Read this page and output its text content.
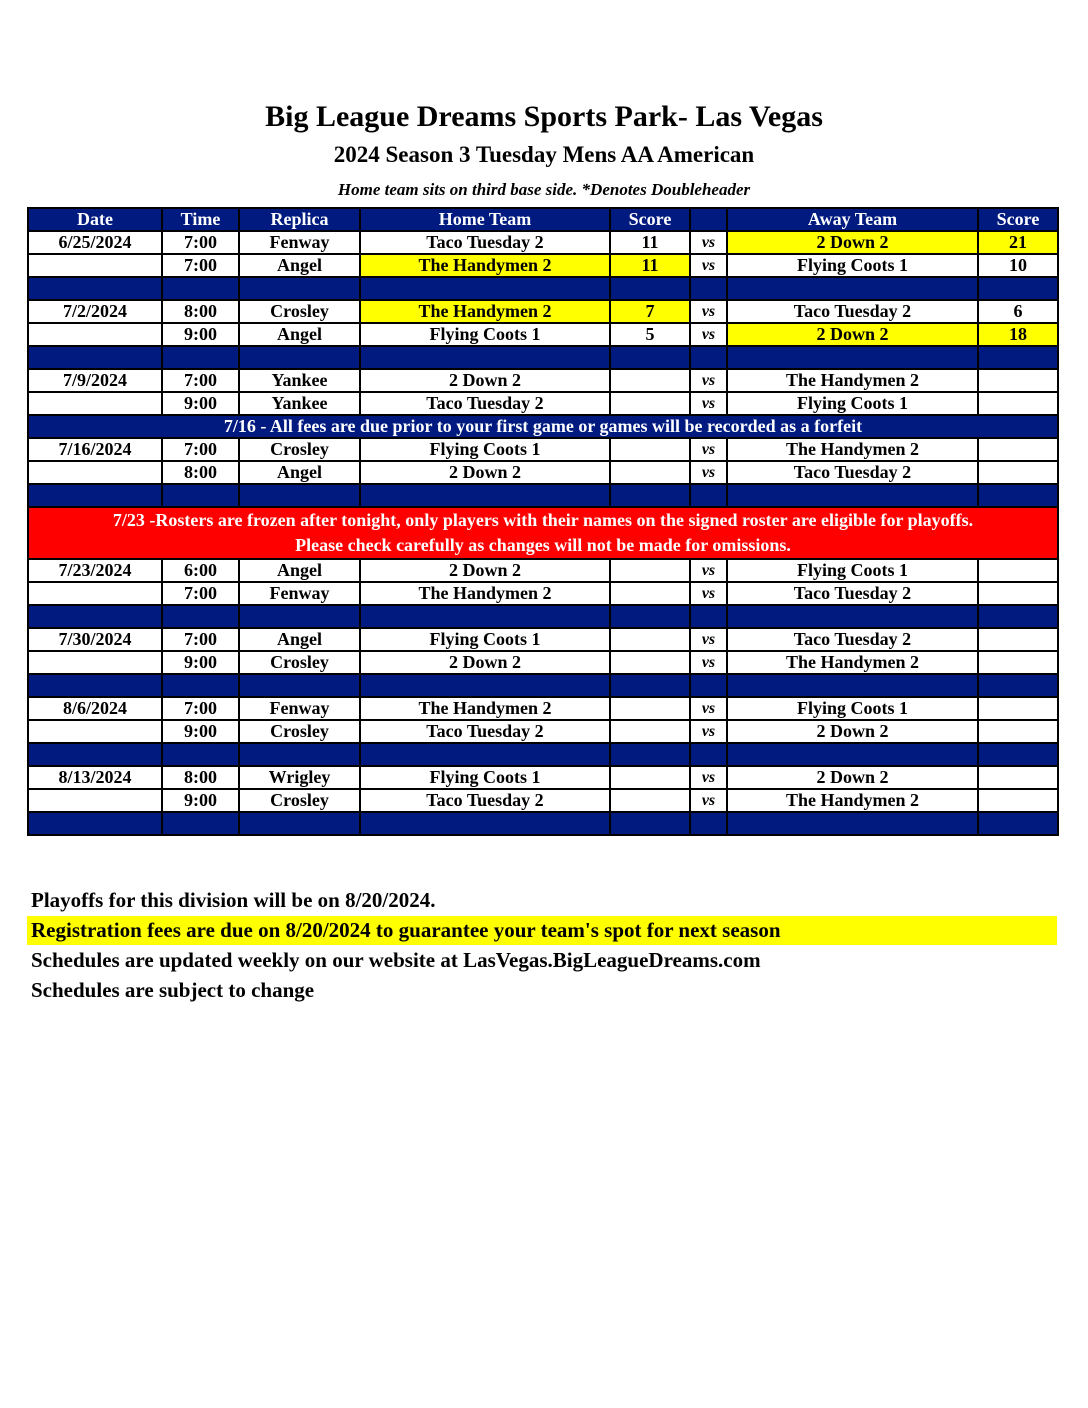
Big League Dreams Sports Park- Las Vegas
2024 Season 3 Tuesday Mens AA American
Home team sits on third base side. *Denotes Doubleheader
Date	Time	Replica	Home Team	Score		Away Team	Score
6/25/2024	7:00	Fenway	Taco Tuesday 2	11	vs	2 Down 2	21
	7:00	Angel	The Handymen 2	11	vs	Flying Coots 1	10

7/2/2024	8:00	Crosley	The Handymen 2	7	vs	Taco Tuesday 2	6
	9:00	Angel	Flying Coots 1	5	vs	2 Down 2	18

7/9/2024	7:00	Yankee	2 Down 2		vs	The Handymen 2	
	9:00	Yankee	Taco Tuesday 2		vs	Flying Coots 1	
7/16 - All fees are due prior to your first game or games will be recorded as a forfeit							
7/16/2024	7:00	Crosley	Flying Coots 1		vs	The Handymen 2	
	8:00	Angel	2 Down 2		vs	Taco Tuesday 2	

7/23 -Rosters are frozen after tonight, only players with their names on the signed roster are eligible for playoffs.
Please check carefully as changes will not be made for omissions.							

7/23/2024	6:00	Angel	2 Down 2		vs	Flying Coots 1	
	7:00	Fenway	The Handymen 2		vs	Taco Tuesday 2	

7/30/2024	7:00	Angel	Flying Coots 1		vs	Taco Tuesday 2	
	9:00	Crosley	2 Down 2		vs	The Handymen 2	

8/6/2024	7:00	Fenway	The Handymen 2		vs	Flying Coots 1	
	9:00	Crosley	Taco Tuesday 2		vs	2 Down 2	

8/13/2024	8:00	Wrigley	Flying Coots 1		vs	2 Down 2	
	9:00	Crosley	Taco Tuesday 2		vs	The Handymen 2	

Playoffs for this division will be on 8/20/2024.
Registration fees are due on 8/20/2024 to guarantee your team's spot for next season
Schedules are updated weekly on our website at LasVegas.BigLeagueDreams.com
Schedules are subject to change
